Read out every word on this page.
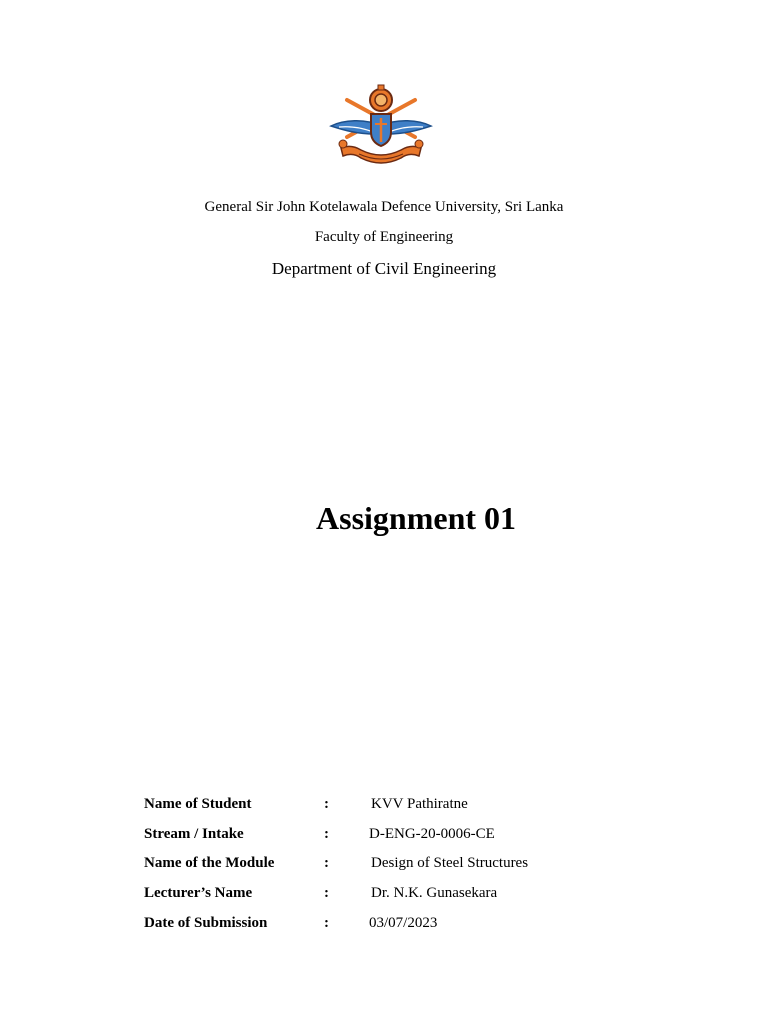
General Sir John Kotelawala Defence University, Sri Lanka
Faculty of Engineering
Department of Civil Engineering
Assignment 01
Name of Student	:	KVV Pathiratne
Stream / Intake	:	D-ENG-20-0006-CE
Name of the Module	:	Design of Steel Structures
Lecturer’s Name	:	Dr. N.K. Gunasekara
Date of Submission	:	03/07/2023
